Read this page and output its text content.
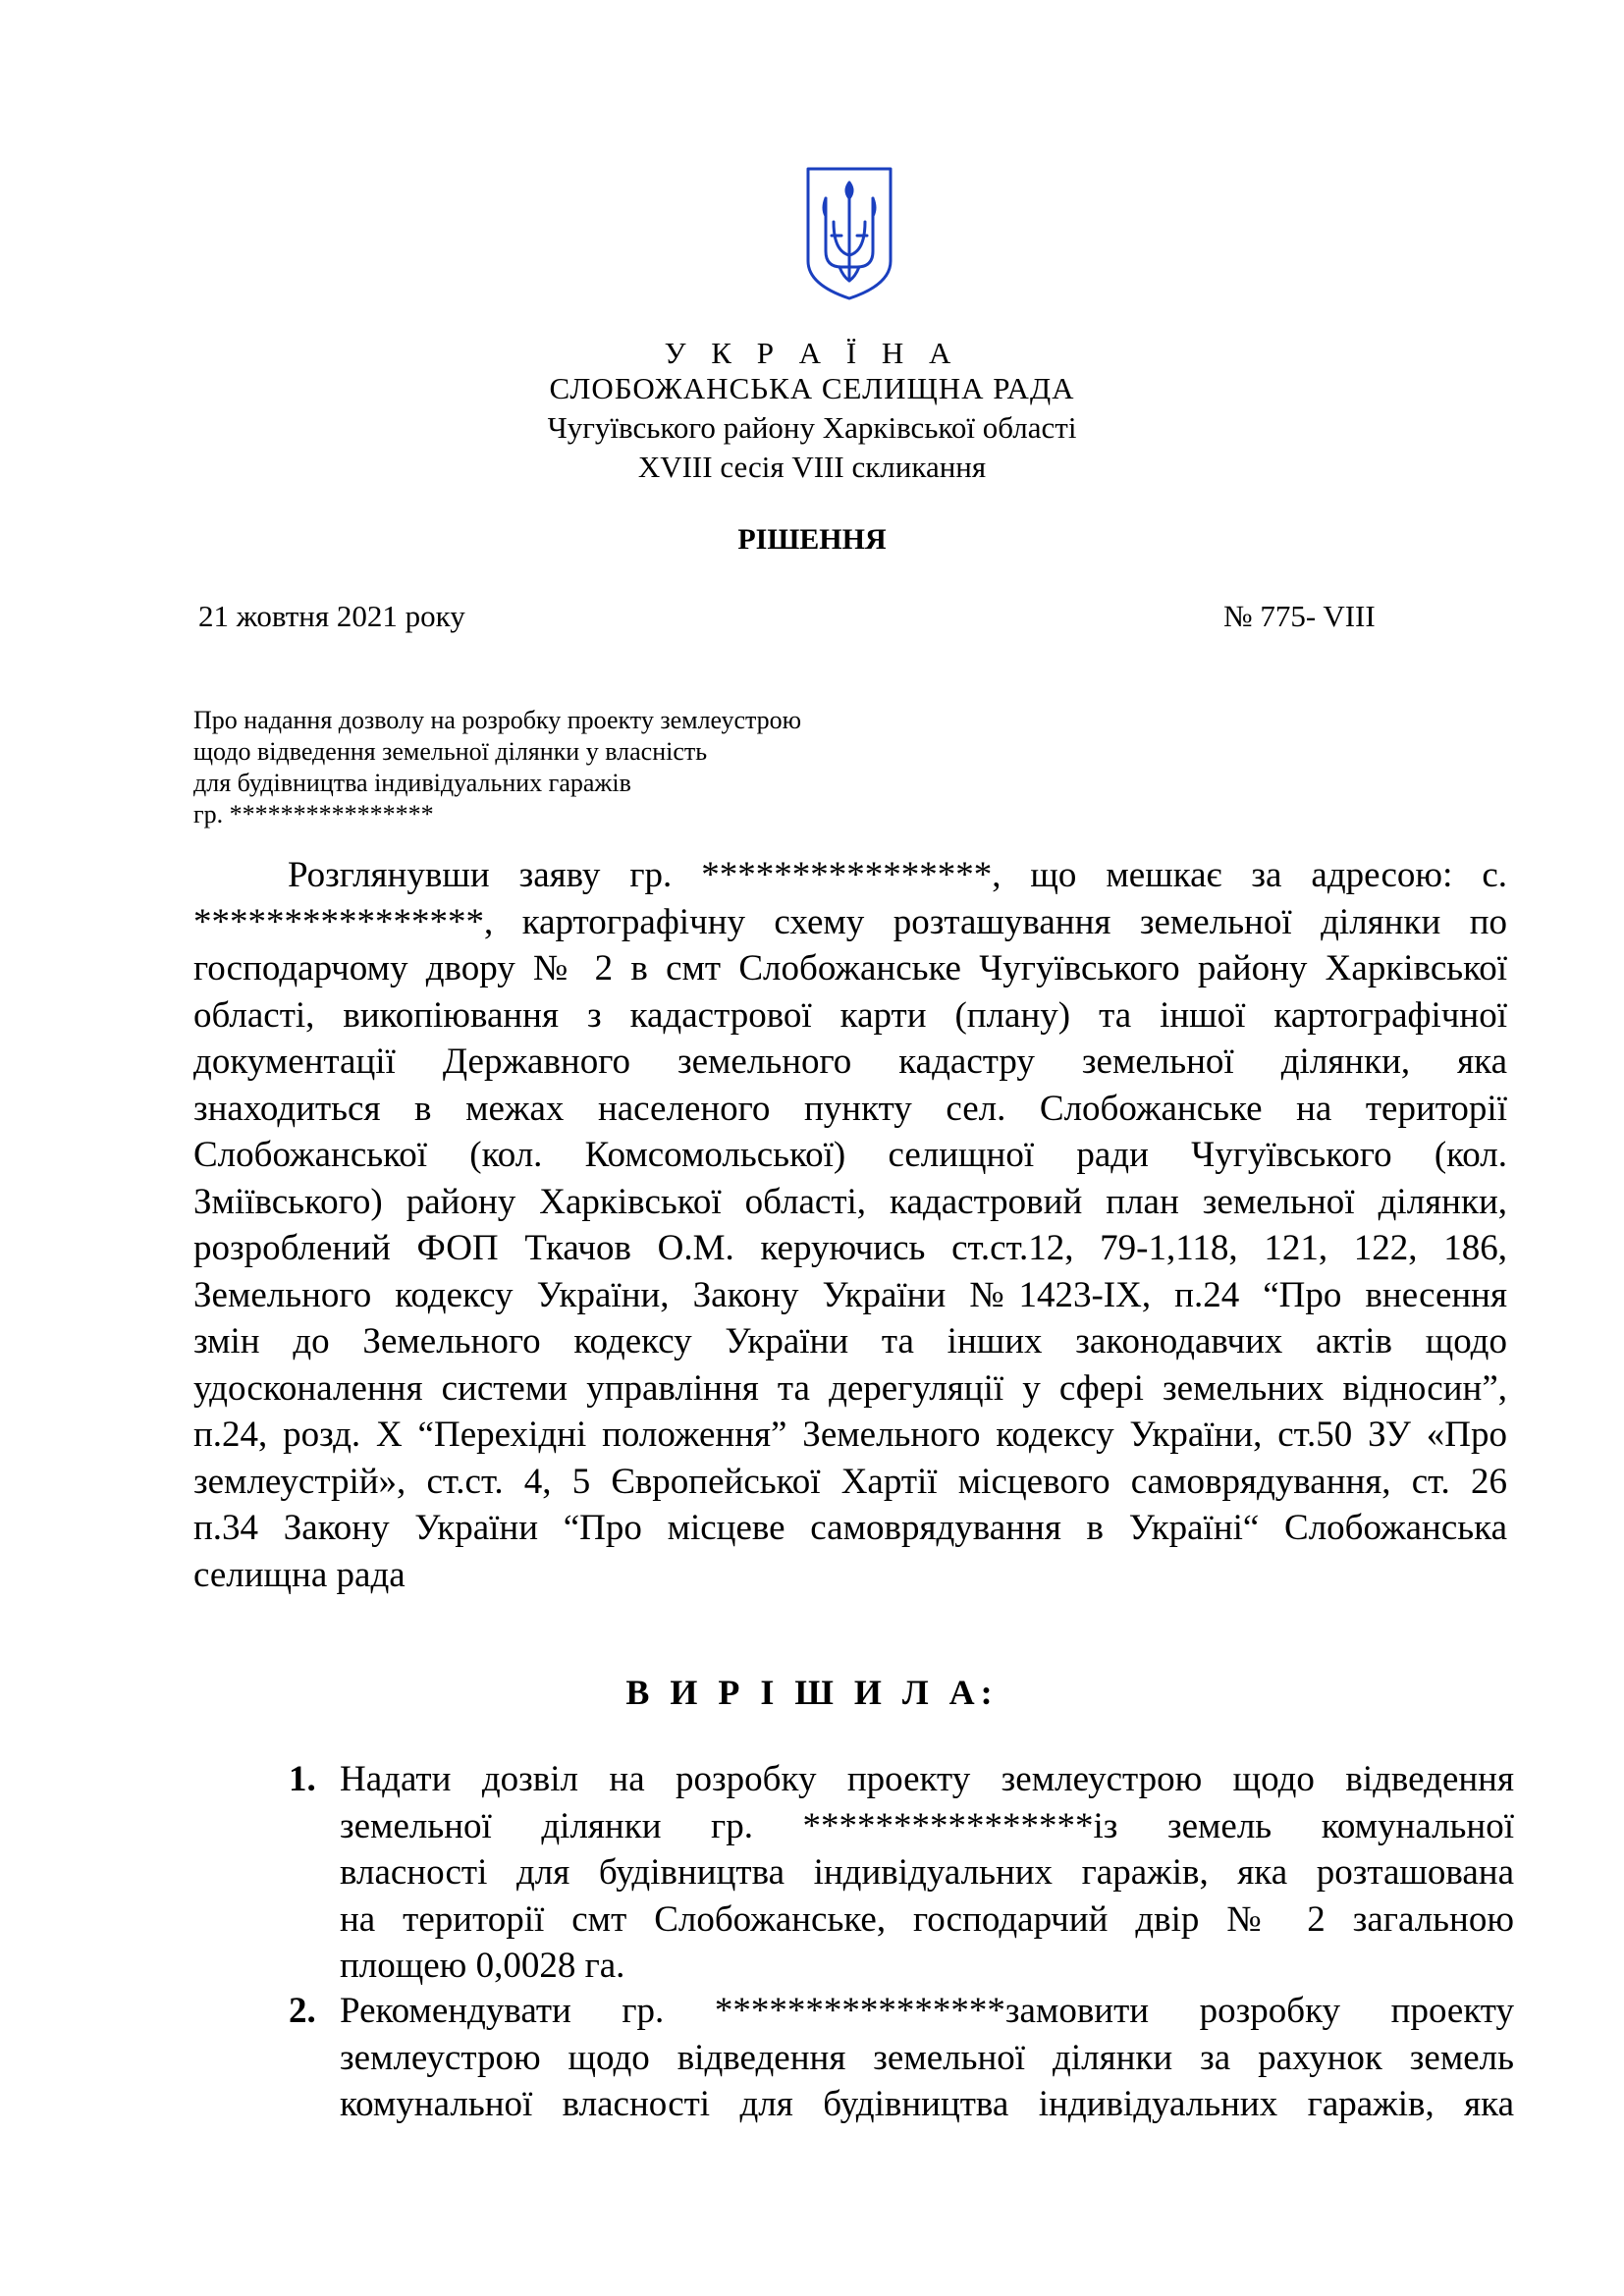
У К Р А Ї Н А
СЛОБОЖАНСЬКА СЕЛИЩНА РАДА
Чугуївського району Харківської області
XVIII сесія VIII скликання
РІШЕННЯ
21 жовтня 2021 року	№ 775- VIII
Про надання дозволу на розробку проекту землеустрою
щодо відведення земельної ділянки у власність
для будівництва індивідуальних гаражів
гр. ****************
Розглянувши заяву гр. ****************, що мешкає за адресою: с.
****************, картографічну схему розташування земельної ділянки по
господарчому двору № 2 в смт Слобожанське Чугуївського району Харківської
області, викопіювання з кадастрової карти (плану) та іншої картографічної
документації Державного земельного кадастру земельної ділянки, яка
знаходиться в межах населеного пункту сел. Слобожанське на території
Слобожанської (кол. Комсомольської) селищної ради Чугуївського (кол.
Зміївського) району Харківської області, кадастровий план земельної ділянки,
розроблений ФОП Ткачов О.М. керуючись ст.ст.12, 79-1,118, 121, 122, 186,
Земельного кодексу України, Закону України №1423-IX, п.24 “Про внесення
змін до Земельного кодексу України та інших законодавчих актів щодо
удосконалення системи управління та дерегуляції у сфері земельних відносин”,
п.24, розд. X “Перехідні положення” Земельного кодексу України, ст.50 ЗУ «Про
землеустрій», ст.ст. 4, 5 Європейської Хартії місцевого самоврядування, ст. 26
п.34 Закону України “Про місцеве самоврядування в Україні“ Слобожанська
селищна рада
В И Р І Ш И Л А:
1. Надати дозвіл на розробку проекту землеустрою щодо відведення
земельної ділянки гр. ****************із земель комунальної
власності для будівництва індивідуальних гаражів, яка розташована
на території смт Слобожанське, господарчий двір № 2 загальною
площею 0,0028 га.
2. Рекомендувати гр. ****************замовити розробку проекту
землеустрою щодо відведення земельної ділянки за рахунок земель
комунальної власності для будівництва індивідуальних гаражів, яка
